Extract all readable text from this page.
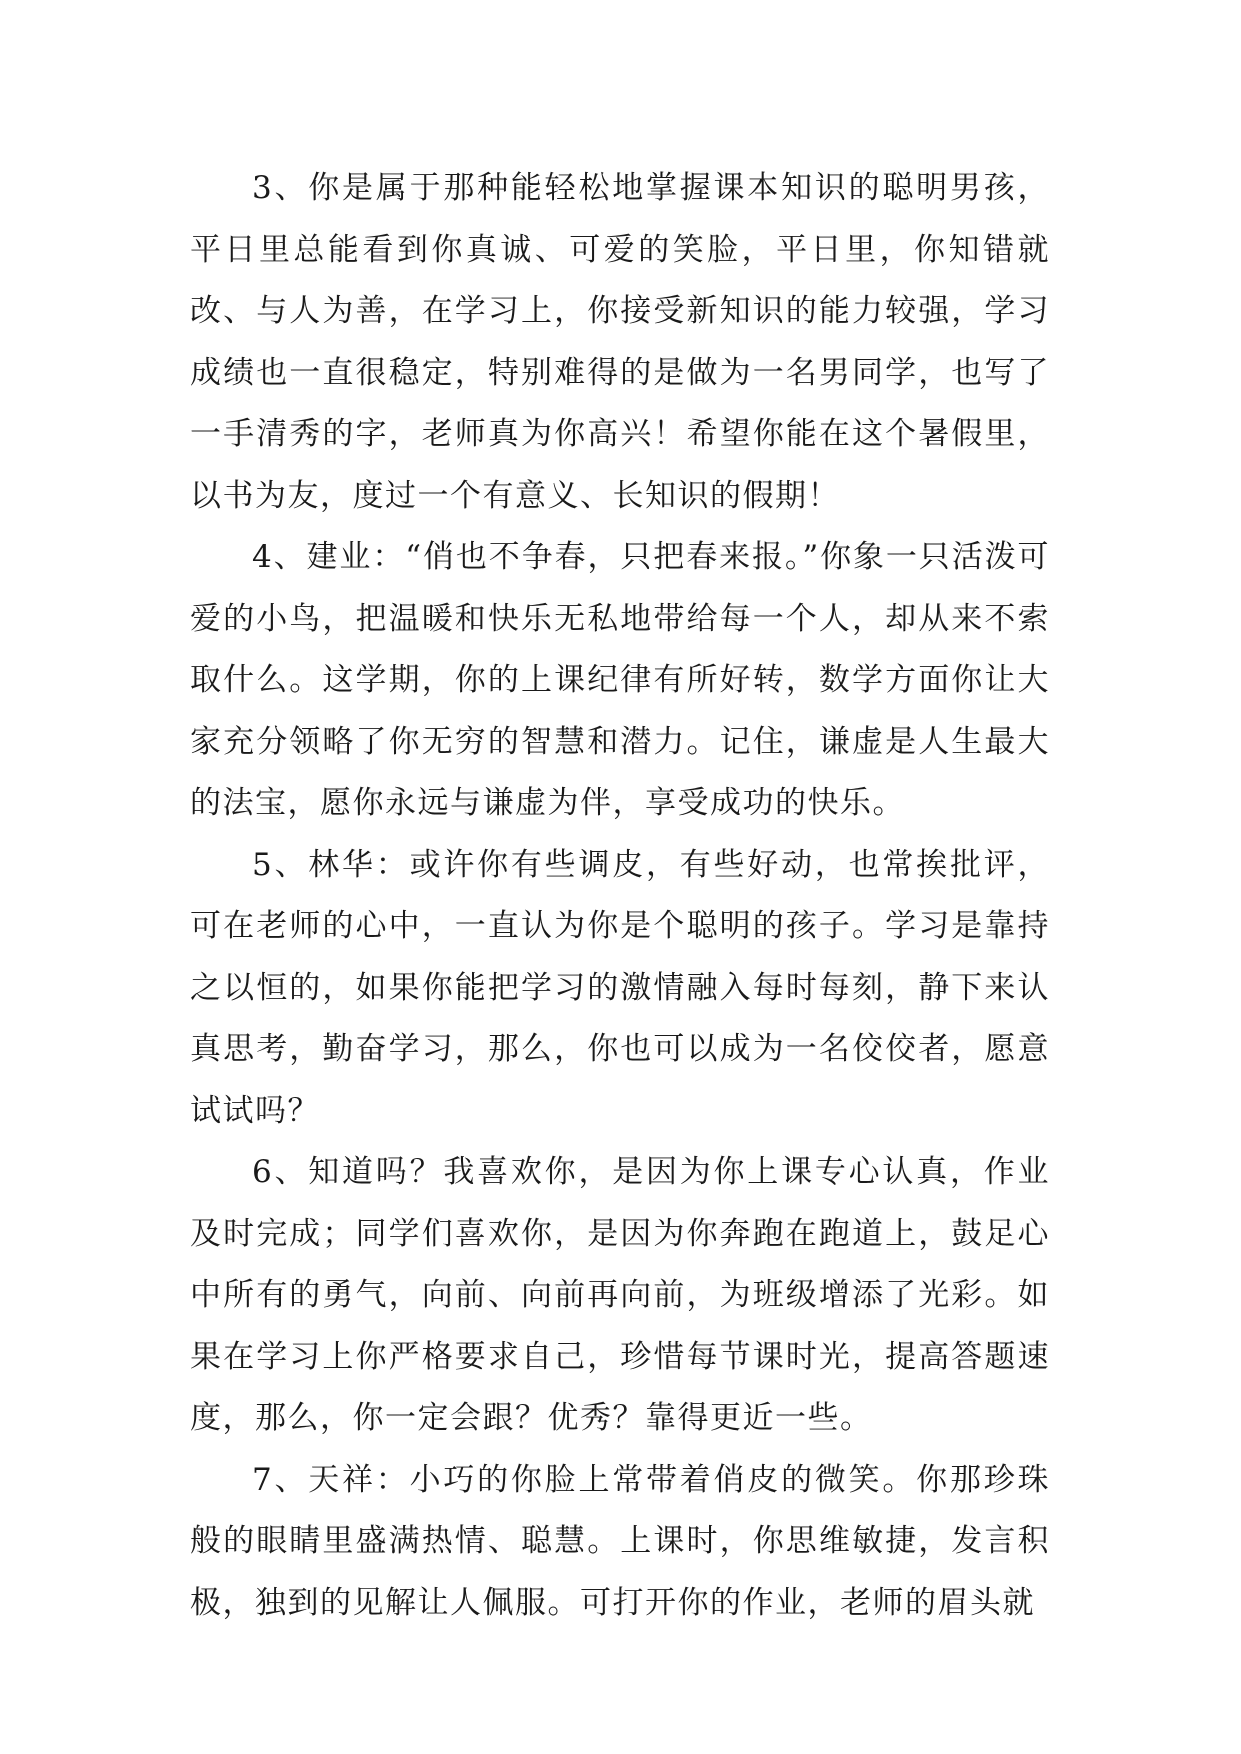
3、你是属于那种能轻松地掌握课本知识的聪明男孩，平日里总能看到你真诚、可爱的笑脸，平日里，你知错就改、与人为善，在学习上，你接受新知识的能力较强，学习成绩也一直很稳定，特别难得的是做为一名男同学，也写了一手清秀的字，老师真为你高兴！希望你能在这个暑假里，以书为友，度过一个有意义、长知识的假期！

4、建业：“俏也不争春，只把春来报。”你象一只活泼可爱的小鸟，把温暖和快乐无私地带给每一个人，却从来不索取什么。这学期，你的上课纪律有所好转，数学方面你让大家充分领略了你无穷的智慧和潜力。记住，谦虚是人生最大的法宝，愿你永远与谦虚为伴，享受成功的快乐。

5、林华：或许你有些调皮，有些好动，也常挨批评，可在老师的心中，一直认为你是个聪明的孩子。学习是靠持之以恒的，如果你能把学习的激情融入每时每刻，静下来认真思考，勤奋学习，那么，你也可以成为一名佼佼者，愿意试试吗？

6、知道吗？我喜欢你，是因为你上课专心认真，作业及时完成；同学们喜欢你，是因为你奔跑在跑道上，鼓足心中所有的勇气，向前、向前再向前，为班级增添了光彩。如果在学习上你严格要求自己，珍惜每节课时光，提高答题速度，那么，你一定会跟？优秀？靠得更近一些。

7、天祥：小巧的你脸上常带着俏皮的微笑。你那珍珠般的眼睛里盛满热情、聪慧。上课时，你思维敏捷，发言积极，独到的见解让人佩服。可打开你的作业，老师的眉头就
